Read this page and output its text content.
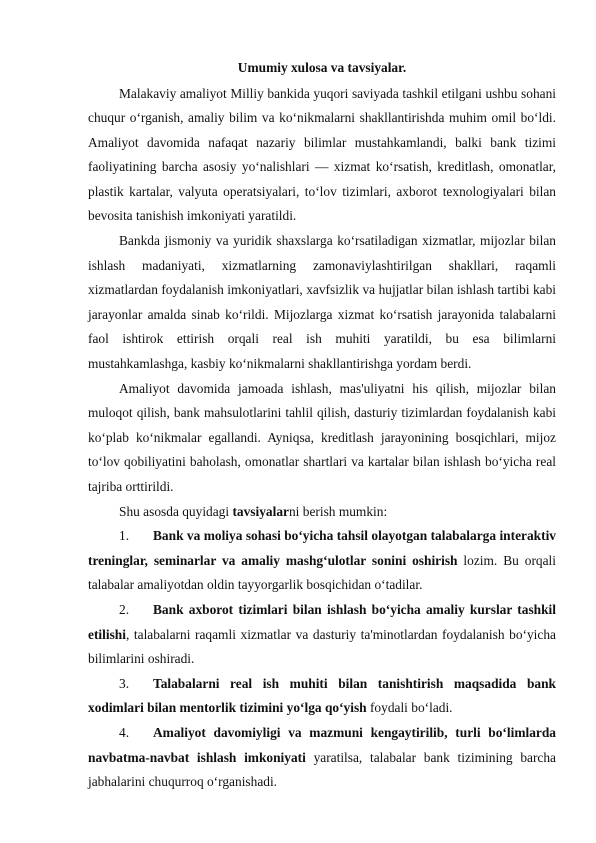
Umumiy xulosa va tavsiyalar.

Malakaviy amaliyot Milliy bankida yuqori saviyada tashkil etilgani ushbu sohani chuqur o‘rganish, amaliy bilim va ko‘nikmalarni shakllantirishda muhim omil bo‘ldi. Amaliyot davomida nafaqat nazariy bilimlar mustahkamlandi, balki bank tizimi faoliyatining barcha asosiy yo‘nalishlari — xizmat ko‘rsatish, kreditlash, omonatlar, plastik kartalar, valyuta operatsiyalari, to‘lov tizimlari, axborot texnologiyalari bilan bevosita tanishish imkoniyati yaratildi.

Bankda jismoniy va yuridik shaxslarga ko‘rsatiladigan xizmatlar, mijozlar bilan ishlash madaniyati, xizmatlarning zamonaviylashtirilgan shakllari, raqamli xizmatlardan foydalanish imkoniyatlari, xavfsizlik va hujjatlar bilan ishlash tartibi kabi jarayonlar amalda sinab ko‘rildi. Mijozlarga xizmat ko‘rsatish jarayonida talabalarni faol ishtirok ettirish orqali real ish muhiti yaratildi, bu esa bilimlarni mustahkamlashga, kasbiy ko‘nikmalarni shakllantirishga yordam berdi.

Amaliyot davomida jamoada ishlash, mas'uliyatni his qilish, mijozlar bilan muloqot qilish, bank mahsulotlarini tahlil qilish, dasturiy tizimlardan foydalanish kabi ko‘plab ko‘nikmalar egallandi. Ayniqsa, kreditlash jarayonining bosqichlari, mijoz to‘lov qobiliyatini baholash, omonatlar shartlari va kartalar bilan ishlash bo‘yicha real tajriba orttirildi.

Shu asosda quyidagi tavsiyalarni berish mumkin:

1. Bank va moliya sohasi bo‘yicha tahsil olayotgan talabalarga interaktiv treninglar, seminarlar va amaliy mashg‘ulotlar sonini oshirish lozim. Bu orqali talabalar amaliyotdan oldin tayyorgarlik bosqichidan o‘tadilar.

2. Bank axborot tizimlari bilan ishlash bo‘yicha amaliy kurslar tashkil etilishi, talabalarni raqamli xizmatlar va dasturiy ta'minotlardan foydalanish bo‘yicha bilimlarini oshiradi.

3. Talabalarni real ish muhiti bilan tanishtirish maqsadida bank xodimlari bilan mentorlik tizimini yo‘lga qo‘yish foydali bo‘ladi.

4. Amaliyot davomiyligi va mazmuni kengaytirilib, turli bo‘limlarda navbatma-navbat ishlash imkoniyati yaratilsa, talabalar bank tizimining barcha jabhalarini chuqurroq o‘rganishadi.
